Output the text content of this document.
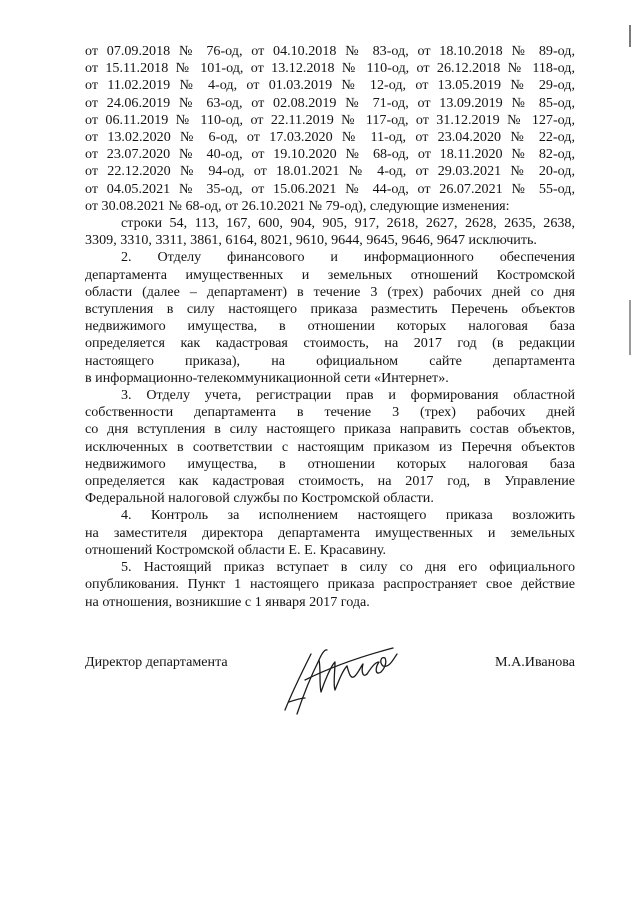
от 07.09.2018 № 76-од, от 04.10.2018 № 83-од, от 18.10.2018 № 89-од,
от 15.11.2018 № 101-од, от 13.12.2018 № 110-од, от 26.12.2018 № 118-од,
от 11.02.2019 № 4-од, от 01.03.2019 № 12-од, от 13.05.2019 № 29-од,
от 24.06.2019 № 63-од, от 02.08.2019 № 71-од, от 13.09.2019 № 85-од,
от 06.11.2019 № 110-од, от 22.11.2019 № 117-од, от 31.12.2019 № 127-од,
от 13.02.2020 № 6-од, от 17.03.2020 № 11-од, от 23.04.2020 № 22-од,
от 23.07.2020 № 40-од, от 19.10.2020 № 68-од, от 18.11.2020 № 82-од,
от 22.12.2020 № 94-од, от 18.01.2021 № 4-од, от 29.03.2021 № 20-од,
от 04.05.2021 № 35-од, от 15.06.2021 № 44-од, от 26.07.2021 № 55-од,
от 30.08.2021 № 68-од, от 26.10.2021 № 79-од), следующие изменения:
строки 54, 113, 167, 600, 904, 905, 917, 2618, 2627, 2628, 2635, 2638,
3309, 3310, 3311, 3861, 6164, 8021, 9610, 9644, 9645, 9646, 9647 исключить.
2. Отделу финансового и информационного обеспечения
департамента имущественных и земельных отношений Костромской
области (далее – департамент) в течение 3 (трех) рабочих дней со дня
вступления в силу настоящего приказа разместить Перечень объектов
недвижимого имущества, в отношении которых налоговая база
определяется как кадастровая стоимость, на 2017 год (в редакции
настоящего приказа), на официальном сайте департамента
в информационно-телекоммуникационной сети «Интернет».
3. Отделу учета, регистрации прав и формирования областной
собственности департамента в течение 3 (трех) рабочих дней
со дня вступления в силу настоящего приказа направить состав объектов,
исключенных в соответствии с настоящим приказом из Перечня объектов
недвижимого имущества, в отношении которых налоговая база
определяется как кадастровая стоимость, на 2017 год, в Управление
Федеральной налоговой службы по Костромской области.
4. Контроль за исполнением настоящего приказа возложить
на заместителя директора департамента имущественных и земельных
отношений Костромской области Е. Е. Красавину.
5. Настоящий приказ вступает в силу со дня его официального
опубликования. Пункт 1 настоящего приказа распространяет свое действие
на отношения, возникшие с 1 января 2017 года.
Директор департамента	М.А.Иванова
